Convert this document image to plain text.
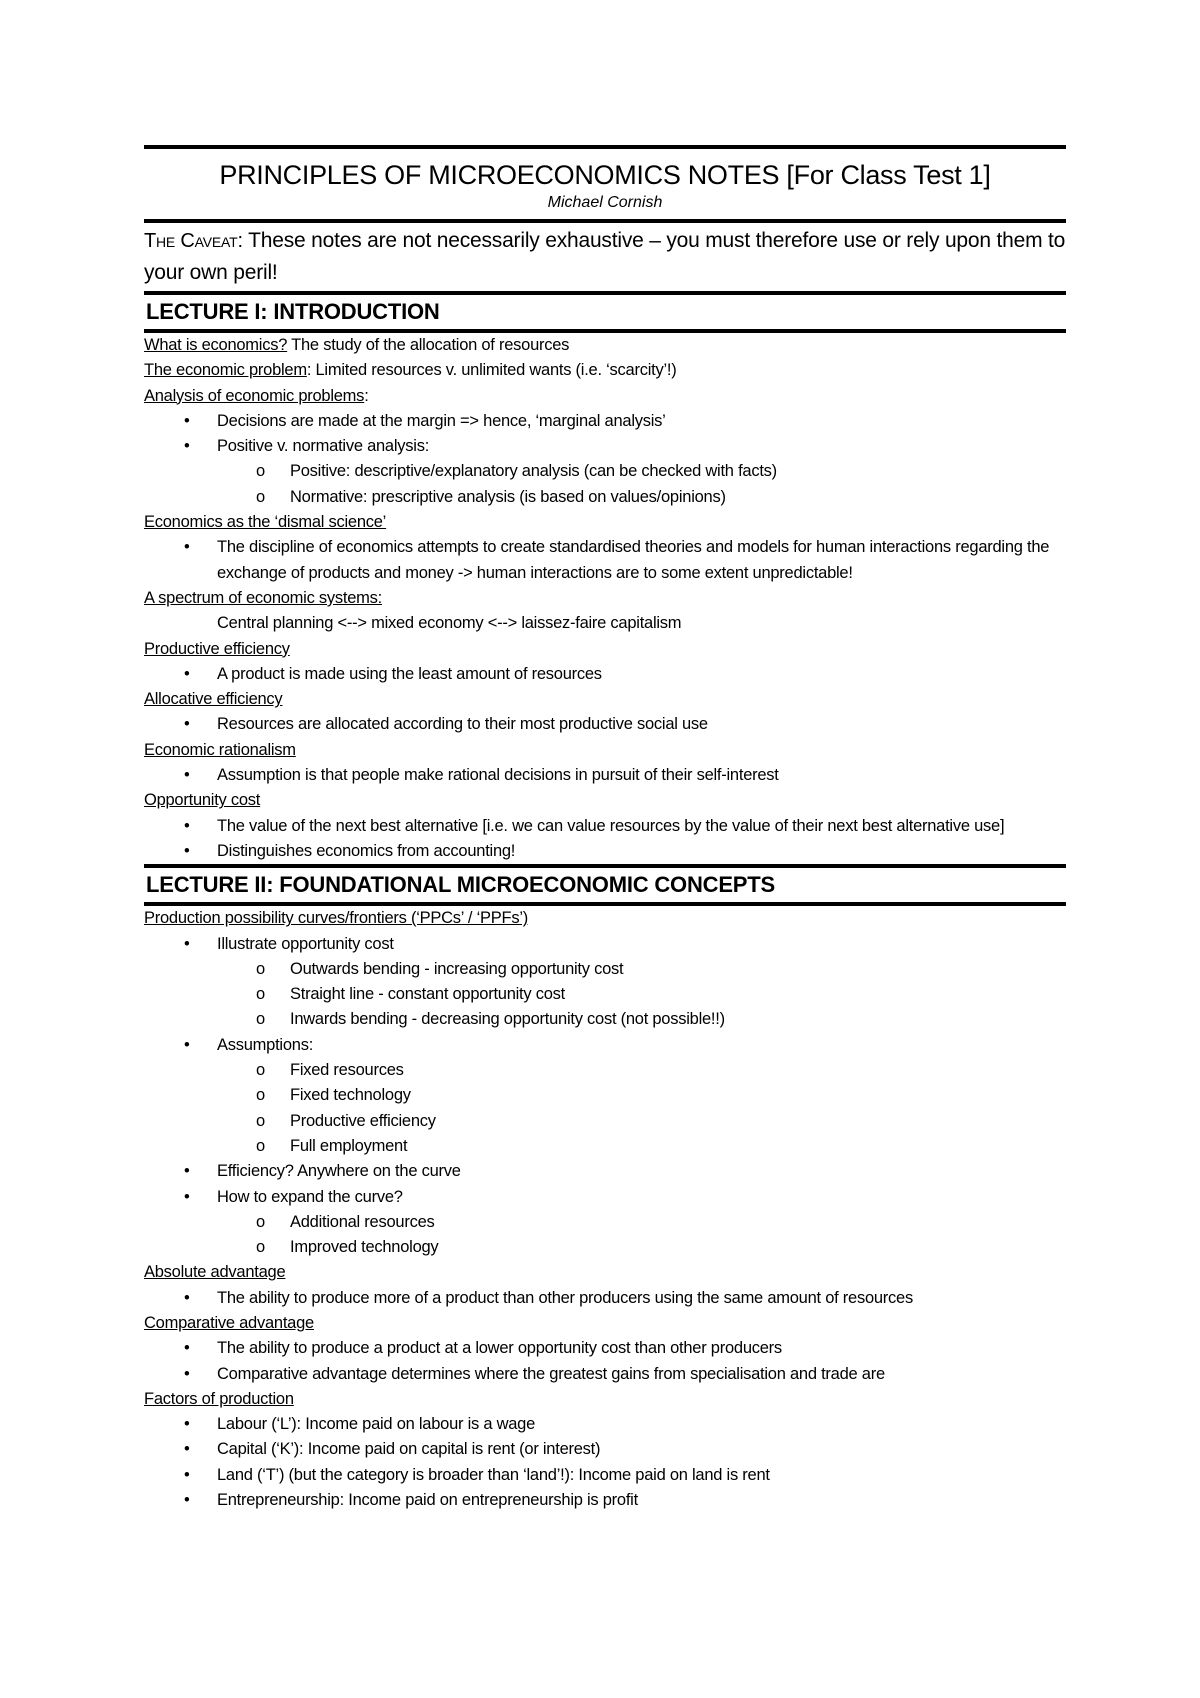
PRINCIPLES OF MICROECONOMICS NOTES [For Class Test 1]
Michael Cornish
The Caveat: These notes are not necessarily exhaustive – you must therefore use or rely upon them to your own peril!
LECTURE I: INTRODUCTION
What is economics? The study of the allocation of resources
The economic problem: Limited resources v. unlimited wants (i.e. ‘scarcity’!)
Analysis of economic problems:
• Decisions are made at the margin => hence, ‘marginal analysis’
• Positive v. normative analysis:
o Positive: descriptive/explanatory analysis (can be checked with facts)
o Normative: prescriptive analysis (is based on values/opinions)
Economics as the ‘dismal science’
• The discipline of economics attempts to create standardised theories and models for human interactions regarding the exchange of products and money -> human interactions are to some extent unpredictable!
A spectrum of economic systems:
Central planning <--> mixed economy <--> laissez-faire capitalism
Productive efficiency
• A product is made using the least amount of resources
Allocative efficiency
• Resources are allocated according to their most productive social use
Economic rationalism
• Assumption is that people make rational decisions in pursuit of their self-interest
Opportunity cost
• The value of the next best alternative [i.e. we can value resources by the value of their next best alternative use]
• Distinguishes economics from accounting!
LECTURE II: FOUNDATIONAL MICROECONOMIC CONCEPTS
Production possibility curves/frontiers (‘PPCs’ / ‘PPFs’)
• Illustrate opportunity cost
o Outwards bending - increasing opportunity cost
o Straight line - constant opportunity cost
o Inwards bending - decreasing opportunity cost (not possible!!)
• Assumptions:
o Fixed resources
o Fixed technology
o Productive efficiency
o Full employment
• Efficiency? Anywhere on the curve
• How to expand the curve?
o Additional resources
o Improved technology
Absolute advantage
• The ability to produce more of a product than other producers using the same amount of resources
Comparative advantage
• The ability to produce a product at a lower opportunity cost than other producers
• Comparative advantage determines where the greatest gains from specialisation and trade are
Factors of production
• Labour (‘L’): Income paid on labour is a wage
• Capital (‘K’): Income paid on capital is rent (or interest)
• Land (‘T’) (but the category is broader than ‘land’!): Income paid on land is rent
• Entrepreneurship: Income paid on entrepreneurship is profit
